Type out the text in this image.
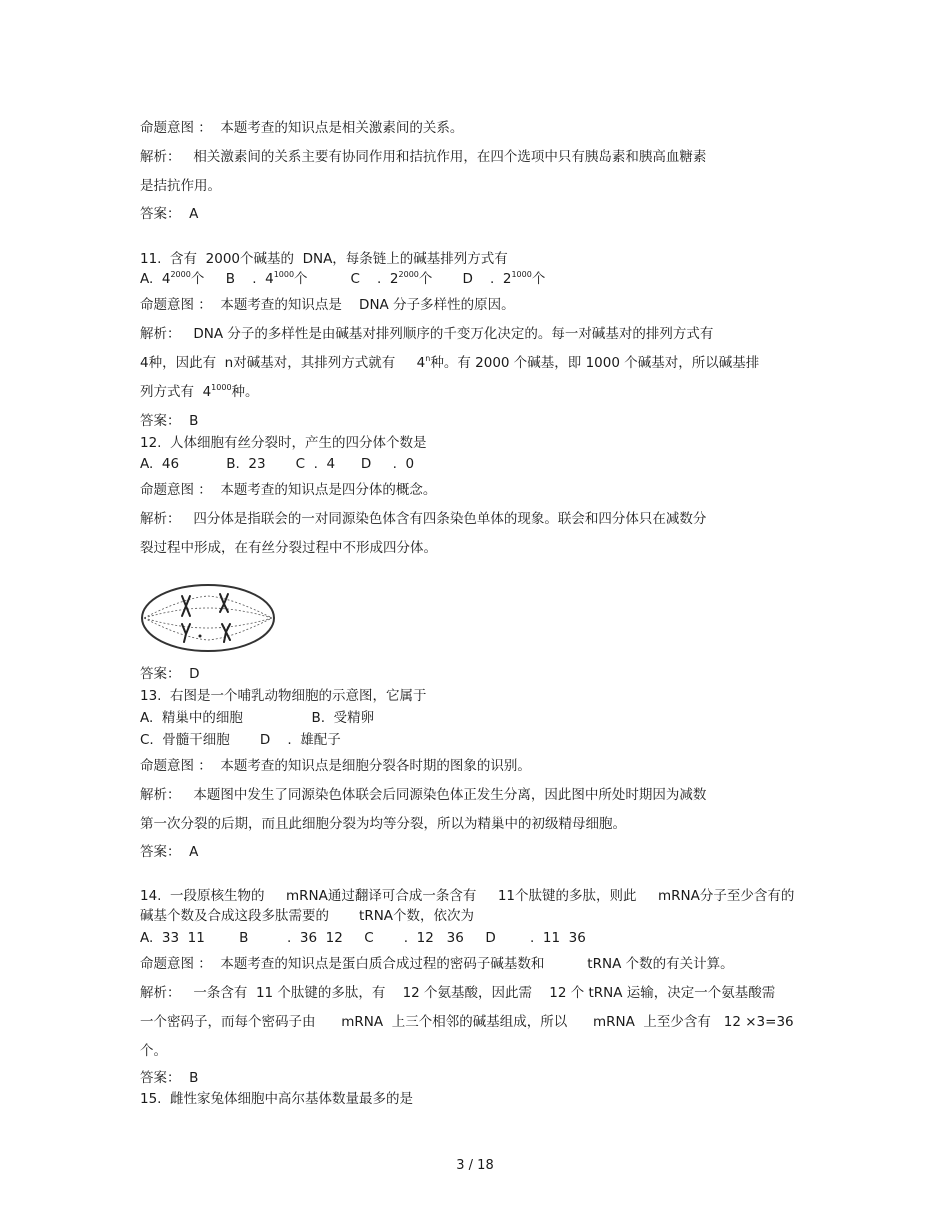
命题意图 ： 本题考查的知识点是相关激素间的关系。
解析： 相关激素间的关系主要有协同作用和拮抗作用，在四个选项中只有胰岛素和胰高血糖素
是拮抗作用。
答案： A
11.  含有  2000个碱基的  DNA，每条链上的碱基排列方式有
A.  $4^{2000}$个 B    .  $4^{1000}$个	C    .  $2^{2000}$个 D    .  $2^{1000}$个
命题意图 ： 本题考查的知识点是    DNA 分子多样性的原因。
解析： DNA 分子的多样性是由碱基对排列顺序的千变万化决定的。每一对碱基对的排列方式有
4种，因此有  n对碱基对，其排列方式就有     4$^n$种。有 2000 个碱基，即 1000 个碱基对，所以碱基排
列方式有  $4^{1000}$种。
答案： B
12.  人体细胞有丝分裂时，产生的四分体个数是
A.  46           B.  23       C  .  4      D     .  0
命题意图 ： 本题考查的知识点是四分体的概念。
解析： 四分体是指联会的一对同源染色体含有四条染色单体的现象。联会和四分体只在减数分
裂过程中形成，在有丝分裂过程中不形成四分体。
答案： D
13.  右图是一个哺乳动物细胞的示意图，它属于
A.  精巢中的细胞                B.  受精卵
C.  骨髓干细胞       D    .  雄配子
命题意图 ： 本题考查的知识点是细胞分裂各时期的图象的识别。
解析： 本题图中发生了同源染色体联会后同源染色体正发生分离，因此图中所处时期因为减数
第一次分裂的后期，而且此细胞分裂为均等分裂，所以为精巢中的初级精母细胞。
答案： A
14.  一段原核生物的     mRNA通过翻译可合成一条含有     11个肽键的多肽，则此     mRNA分子至少含有的
碱基个数及合成这段多肽需要的       tRNA个数，依次为
A.  33  11        B         .  36  12     C       .  12   36     D        .  11  36
命题意图 ： 本题考查的知识点是蛋白质合成过程的密码子碱基数和          tRNA 个数的有关计算。
解析： 一条含有  11 个肽键的多肽，有    12 个氨基酸，因此需    12 个 tRNA 运输，决定一个氨基酸需
一个密码子，而每个密码子由      mRNA  上三个相邻的碱基组成，所以      mRNA  上至少含有   12 ×3=36
个。
答案： B
15.  雌性家兔体细胞中高尔基体数量最多的是
3 / 18
